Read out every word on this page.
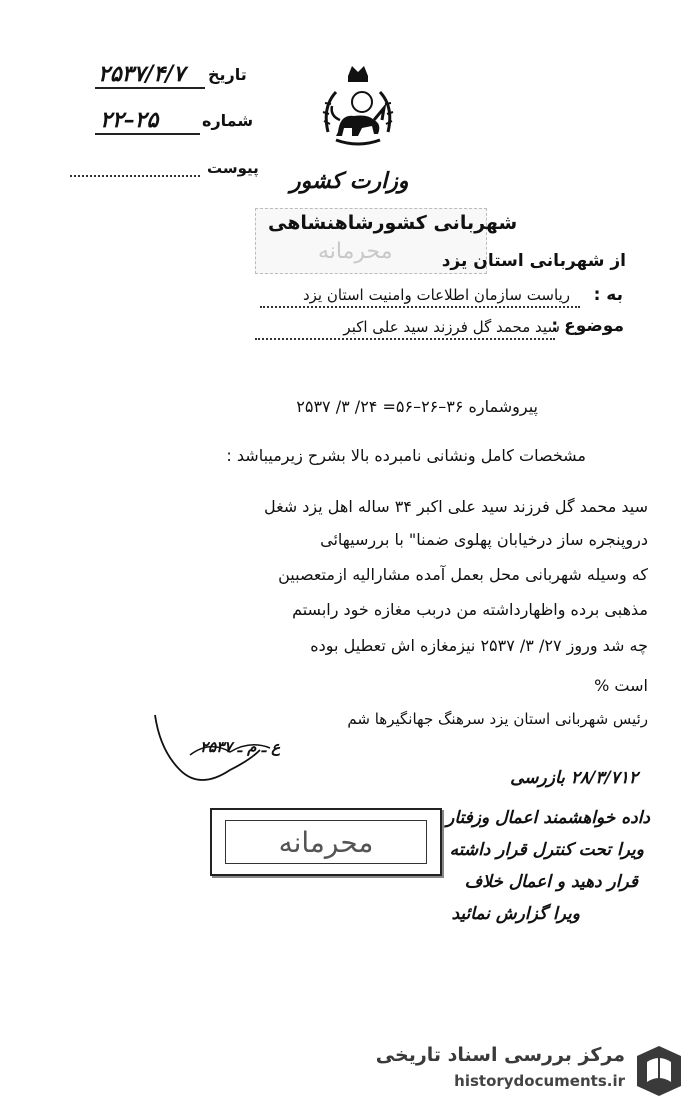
تاریخ
۲۵۳۷/۴/۷
شماره
۲۲–۲۵
پیوست وزارت کشور
محرمانه
شهربانی کشورشاهنشاهی
از شهربانی استان یزد
به :
ریاست سازمان اطلاعات وامنیت استان یزد
موضوع :
سید محمد گل فرزند سید علی اکبر
پیروشماره ۳۶–۲۶–۵۶= ۲۴/ ۳/ ۲۵۳۷
مشخصات کامل ونشانی نامبرده بالا بشرح زیرمیباشد :
سید محمد گل فرزند سید علی اکبر ۳۴ ساله اهل یزد شغل
دروپنجره ساز درخیابان پهلوی ضمنا" با بررسیهائی
که وسیله شهربانی محل بعمل آمده مشارالیه ازمتعصبین
مذهبی برده واظهارداشته من دربب مغازه خود رابستم
چه شد وروز ۲۷/ ۳/ ۲۵۳۷ نیزمغازه اش تعطیل بوده
است %
رئیس شهربانی استان یزد سرهنگ جهانگیرها شم
ع ـ م ـ ۲۵۳۷
محرمانه
۲۸/۳/۷۱۲ بازرسی
داده خواهشمند اعمال وزفتار
ویرا تحت کنترل قرار داشته
قرار دهید و اعمال خلاف
ویرا گزارش نمائید
مرکز بررسی اسناد تاریخی
historydocuments.ir
